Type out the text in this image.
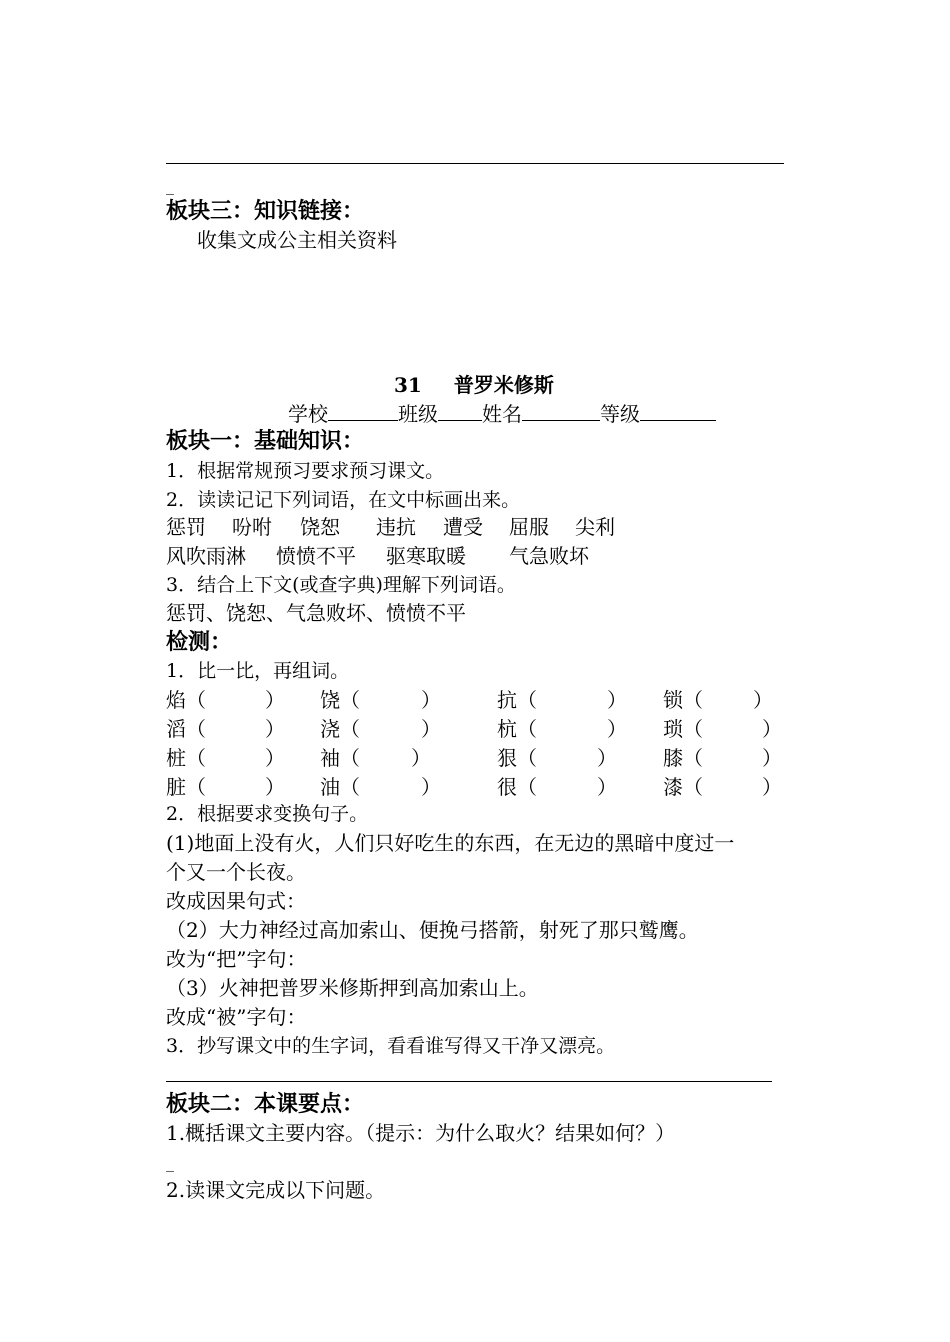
_
板块三：知识链接：
收集文成公主相关资料
31 普罗米修斯
学校	班级 姓名	等级
板块一：基础知识：
1．根据常规预习要求预习课文。
2．读读记记下列词语，在文中标画出来。
惩罚 吩咐 饶恕 违抗 遭受 屈服 尖利
风吹雨淋 愤愤不平 驱寒取暖 气急败坏
3．结合上下文(或查字典)理解下列词语。
惩罚、饶恕、气急败坏、愤愤不平
检测：
1．比一比，再组词。
焰 （	） 饶 （	）	抗 （	） 锁 （	）
滔 （	） 浇 （	）	杭 （	） 琐 （	）
桩 （	） 袖 （	）	狠 （	） 膝 （	）
脏 （	） 油 （	）	很 （	） 漆 （	）
2．根据要求变换句子。
(1)地面上没有火，人们只好吃生的东西，在无边的黑暗中度过一
个又一个长夜。
改成因果句式：
（2）大力神经过高加索山、便挽弓搭箭，射死了那只鹫鹰。
改为“把”字句：
（3）火神把普罗米修斯押到高加索山上。
改成“被”字句：
3．抄写课文中的生字词，看看谁写得又干净又漂亮。
板块二：本课要点：
1.概括课文主要内容。（提示：为什么取火？结果如何？）
_
2.读课文完成以下问题。
